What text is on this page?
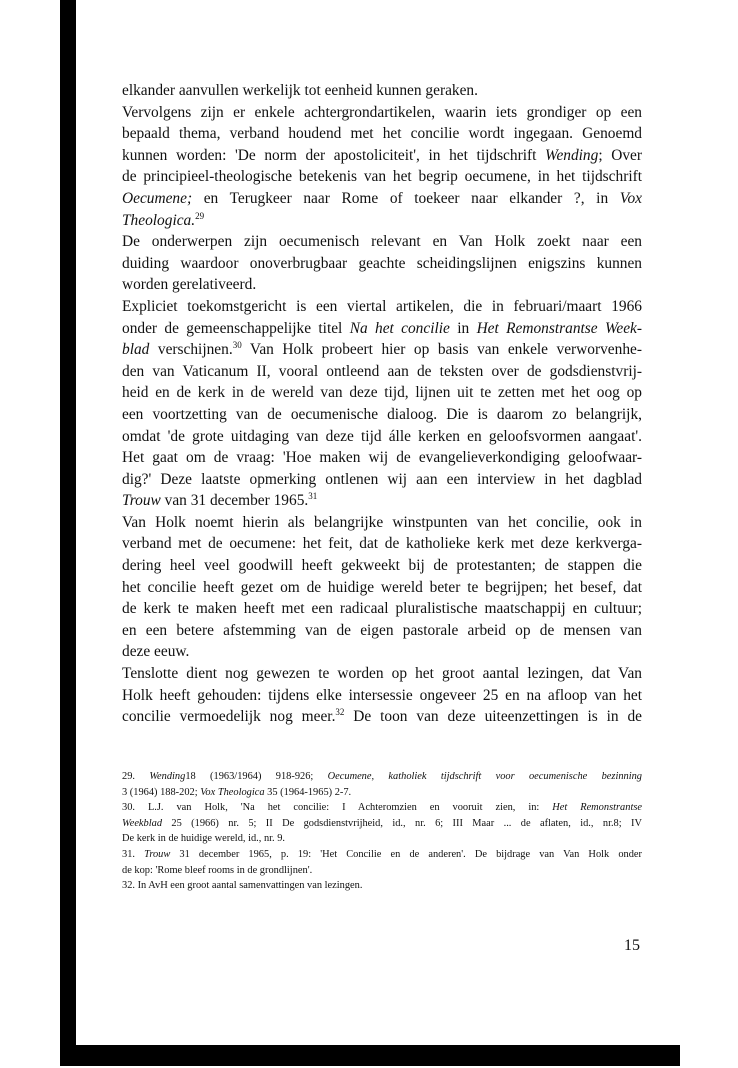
elkander aanvullen werkelijk tot eenheid kunnen geraken.

Vervolgens zijn er enkele achtergrondartikelen, waarin iets grondiger op een

bepaald thema, verband houdend met het concilie wordt ingegaan. Genoemd

kunnen worden: 'De norm der apostoliciteit', in het tijdschrift Wending; Over

de principieel-theologische betekenis van het begrip oecumene, in het tijdschrift

Oecumene; en Terugkeer naar Rome of toekeer naar elkander ?, in Vox

Theologica.$^{29}$

De onderwerpen zijn oecumenisch relevant en Van Holk zoekt naar een

duiding waardoor onoverbrugbaar geachte scheidingslijnen enigszins kunnen

worden gerelativeerd.

Expliciet toekomstgericht is een viertal artikelen, die in februari/maart 1966

onder de gemeenschappelijke titel Na het concilie in Het Remonstrantse Week-

blad verschijnen.$^{30}$ Van Holk probeert hier op basis van enkele verworvenhe-

den van Vaticanum II, vooral ontleend aan de teksten over de godsdienstvrij-

heid en de kerk in de wereld van deze tijd, lijnen uit te zetten met het oog op

een voortzetting van de oecumenische dialoog. Die is daarom zo belangrijk,

omdat 'de grote uitdaging van deze tijd álle kerken en geloofsvormen aangaat'.

Het gaat om de vraag: 'Hoe maken wij de evangelieverkondiging geloofwaar-

dig?' Deze laatste opmerking ontlenen wij aan een interview in het dagblad

Trouw van 31 december 1965.31

Van Holk noemt hierin als belangrijke winstpunten van het concilie, ook in

verband met de oecumene: het feit, dat de katholieke kerk met deze kerkverga-

dering heel veel goodwill heeft gekweekt bij de protestanten; de stappen die

het concilie heeft gezet om de huidige wereld beter te begrijpen; het besef, dat

de kerk te maken heeft met een radicaal pluralistische maatschappij en cultuur;

en een betere afstemming van de eigen pastorale arbeid op de mensen van

deze eeuw.

Tenslotte dient nog gewezen te worden op het groot aantal lezingen, dat Van

Holk heeft gehouden: tijdens elke intersessie ongeveer 25 en na afloop van het

concilie vermoedelijk nog meer.$^{32}$ De toon van deze uiteenzettingen is in de

29. Wending18 (1963/1964) 918-926; Oecumene, katholiek tijdschrift voor oecumenische bezinning

3 (1964) 188-202; Vox Theologica 35 (1964-1965) 2-7.

30. L.J. van Holk, 'Na het concilie: I Achteromzien en vooruit zien, in: Het Remonstrantse

Weekblad 25 (1966) nr. 5; II De godsdienstvrijheid, id., nr. 6; III Maar ... de aflaten, id., nr.8; IV

De kerk in de huidige wereld, id., nr. 9.

31. Trouw 31 december 1965, p. 19: 'Het Concilie en de anderen'. De bijdrage van Van Holk onder

de kop: 'Rome bleef rooms in de grondlijnen'.

32. In AvH een groot aantal samenvattingen van lezingen.

15
